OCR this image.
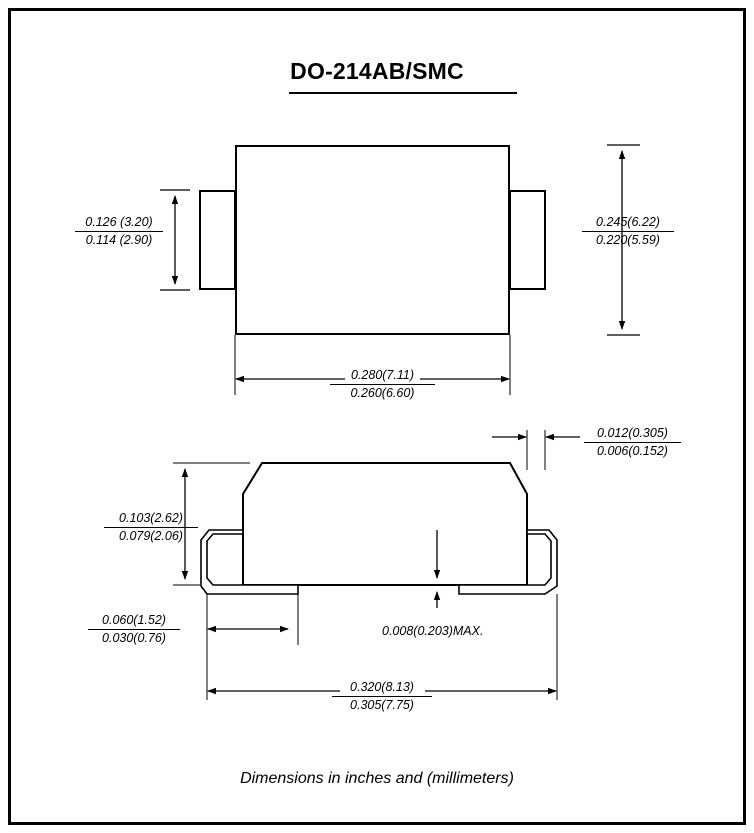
DO-214AB/SMC
0.126 (3.20)
0.114 (2.90)
0.245(6.22)
0.220(5.59)
0.280(7.11)
0.260(6.60)
0.012(0.305)
0.006(0.152)
0.103(2.62)
0.079(2.06)
0.008(0.203)MAX.
0.060(1.52)
0.030(0.76)
0.320(8.13)
0.305(7.75)
Dimensions in inches and (millimeters)
